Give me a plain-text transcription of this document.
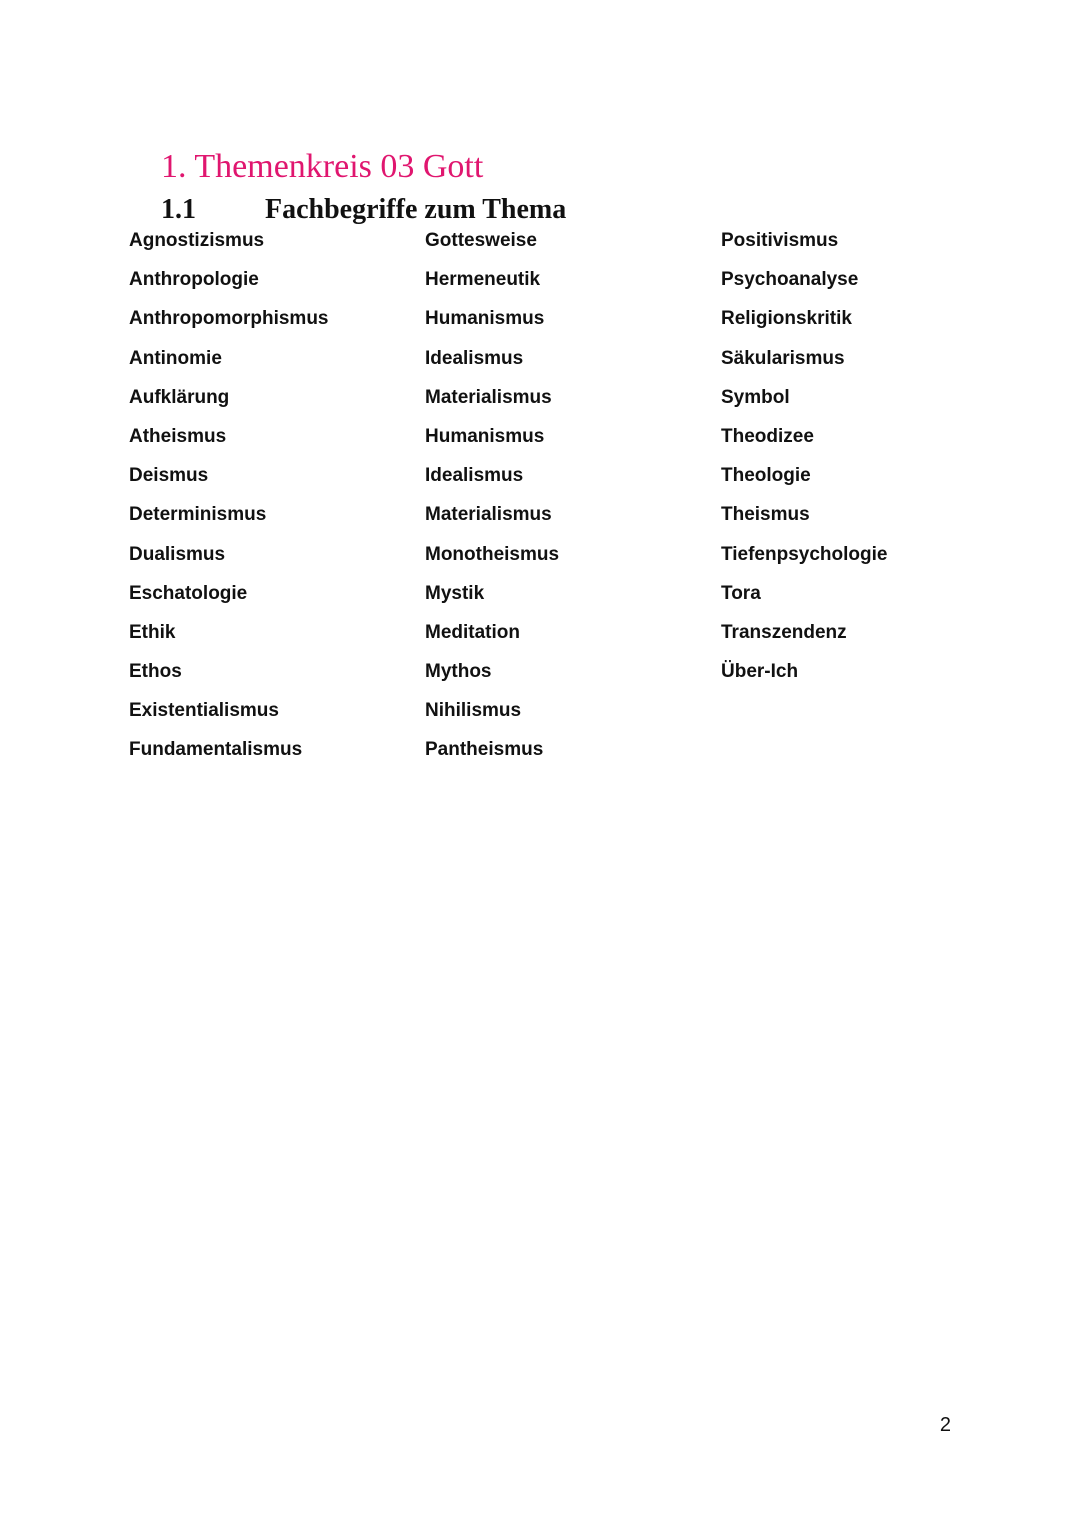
1. Themenkreis 03 Gott
1.1 Fachbegriffe zum Thema
Agnostizismus
Anthropologie
Anthropomorphismus
Antinomie
Aufklärung
Atheismus
Deismus
Determinismus
Dualismus
Eschatologie
Ethik
Ethos
Existentialismus
Fundamentalismus
Gottesweise
Hermeneutik
Humanismus
Idealismus
Materialismus
Humanismus
Idealismus
Materialismus
Monotheismus
Mystik
Meditation
Mythos
Nihilismus
Pantheismus
Positivismus
Psychoanalyse
Religionskritik
Säkularismus
Symbol
Theodizee
Theologie
Theismus
Tiefenpsychologie
Tora
Transzendenz
Über-Ich
2
